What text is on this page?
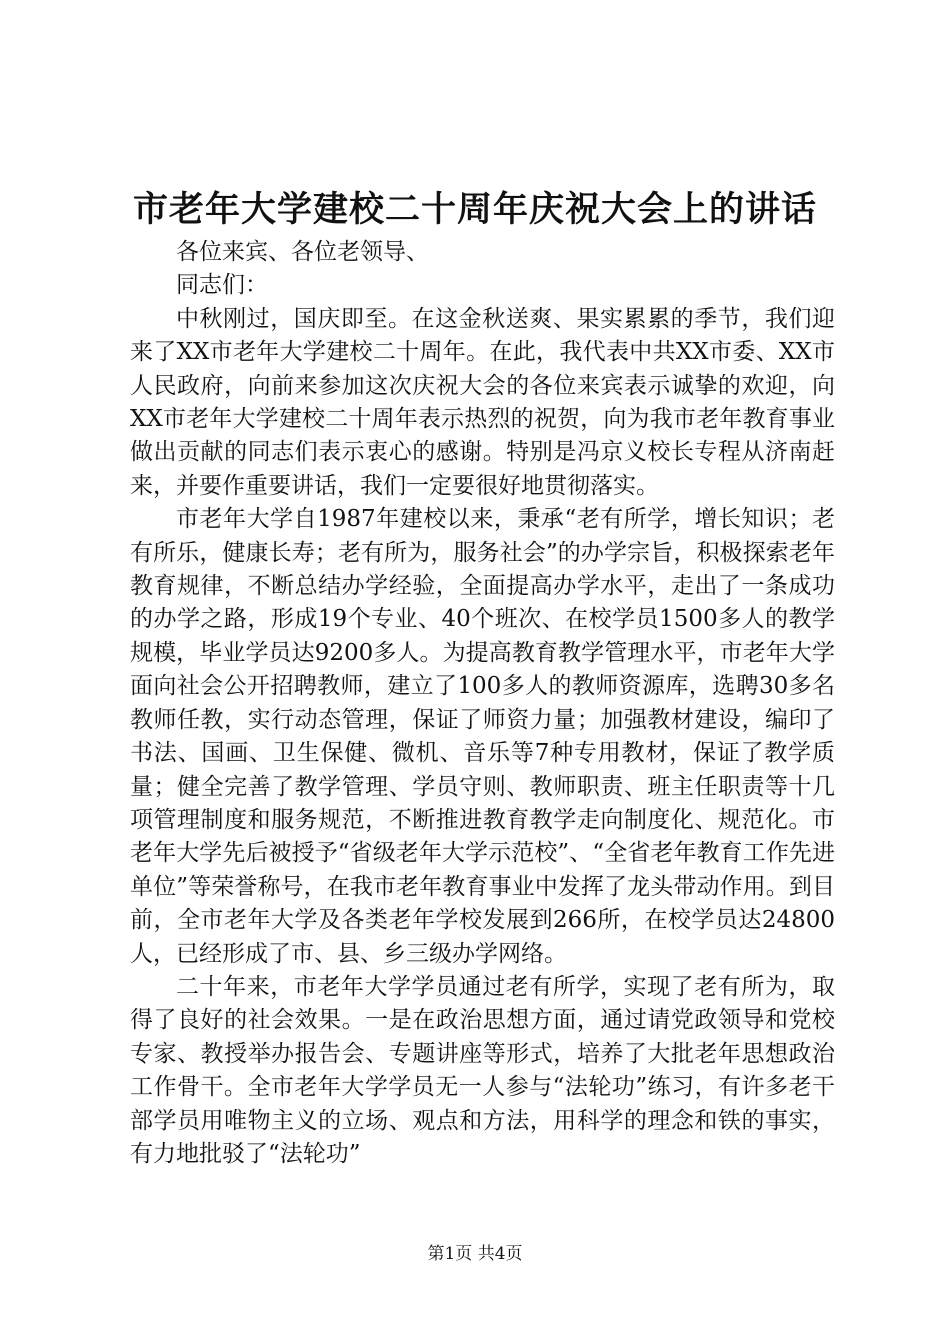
市老年大学建校二十周年庆祝大会上的讲话

各位来宾、各位老领导、

同志们：

中秋刚过，国庆即至。在这金秋送爽、果实累累的季节，我们迎来了XX市老年大学建校二十周年。在此，我代表中共XX市委、XX市人民政府，向前来参加这次庆祝大会的各位来宾表示诚挚的欢迎，向XX市老年大学建校二十周年表示热烈的祝贺，向为我市老年教育事业做出贡献的同志们表示衷心的感谢。特别是冯京义校长专程从济南赶来，并要作重要讲话，我们一定要很好地贯彻落实。

市老年大学自1987年建校以来，秉承“老有所学，增长知识；老有所乐，健康长寿；老有所为，服务社会”的办学宗旨，积极探索老年教育规律，不断总结办学经验，全面提高办学水平，走出了一条成功的办学之路，形成19个专业、40个班次、在校学员1500多人的教学规模，毕业学员达9200多人。为提高教育教学管理水平，市老年大学面向社会公开招聘教师，建立了100多人的教师资源库，选聘30多名教师任教，实行动态管理，保证了师资力量；加强教材建设，编印了书法、国画、卫生保健、微机、音乐等7种专用教材，保证了教学质量；健全完善了教学管理、学员守则、教师职责、班主任职责等十几项管理制度和服务规范，不断推进教育教学走向制度化、规范化。市老年大学先后被授予“省级老年大学示范校”、“全省老年教育工作先进单位”等荣誉称号，在我市老年教育事业中发挥了龙头带动作用。到目前，全市老年大学及各类老年学校发展到266所，在校学员达24800人，已经形成了市、县、乡三级办学网络。

二十年来，市老年大学学员通过老有所学，实现了老有所为，取得了良好的社会效果。一是在政治思想方面，通过请党政领导和党校专家、教授举办报告会、专题讲座等形式，培养了大批老年思想政治工作骨干。全市老年大学学员无一人参与“法轮功”练习，有许多老干部学员用唯物主义的立场、观点和方法，用科学的理念和铁的事实，有力地批驳了“法轮功”

第1页 共4页
